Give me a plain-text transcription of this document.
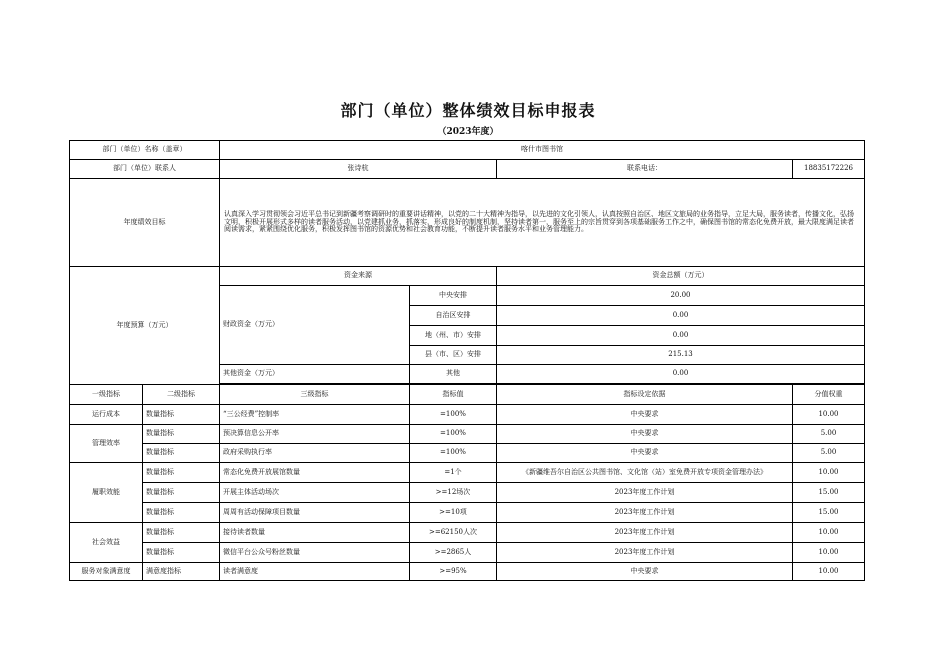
部门（单位）整体绩效目标申报表
（2023年度）
部门（单位）名称（盖章）		喀什市图书馆			
部门（单位）联系人		张诗杭		联系电话：	18835172226
年度绩效目标		认真深入学习贯彻领会习近平总书记到新疆考察调研时的重要讲话精神，以党的二十大精神为指导，以先进的文化引领人，认真按照自治区、地区文旅局的业务指导，立足大局，服务读者，传播文化，弘扬文明，积极开展形式多样的读者服务活动，以党建抓业务，抓落实，形成良好的制度机制，坚持读者第一，服务至上的宗旨贯穿到各项基础服务工作之中，确保图书馆的常态化免费开放，最大限度满足读者阅读需求，紧紧围绕优化服务，积极发挥图书馆的资源优势和社会教育功能，不断提升读者服务水平和业务管理能力。			
年度预算（万元）		资金来源		资金总额（万元）	
		财政资金（万元）	中央安排	20.00	
			自治区安排	0.00	
			地（州、市）安排	0.00	
			县（市、区）安排	215.13	
		其他资金（万元）	其他	0.00	

一级指标	二级指标	三级指标	指标值	指标设定依据	分值权重
运行成本	数量指标	“三公经费”控制率	=100%	中央要求	10.00
管理效率	数量指标	预决算信息公开率	=100%	中央要求	5.00
	数量指标	政府采购执行率	=100%	中央要求	5.00
履职效能	数量指标	常态化免费开放展馆数量	=1个	《新疆维吾尔自治区公共图书馆、文化馆（站）室免费开放专项资金管理办法》	10.00
	数量指标	开展主体活动场次	>=12场次	2023年度工作计划	15.00
	数量指标	周周有活动保障项目数量	>=10项	2023年度工作计划	15.00
社会效益	数量指标	接待读者数量	>=62150人次	2023年度工作计划	10.00
	数量指标	微信平台公众号粉丝数量	>=2865人	2023年度工作计划	10.00
服务对象满意度	满意度指标	读者满意度	>=95%	中央要求	10.00
